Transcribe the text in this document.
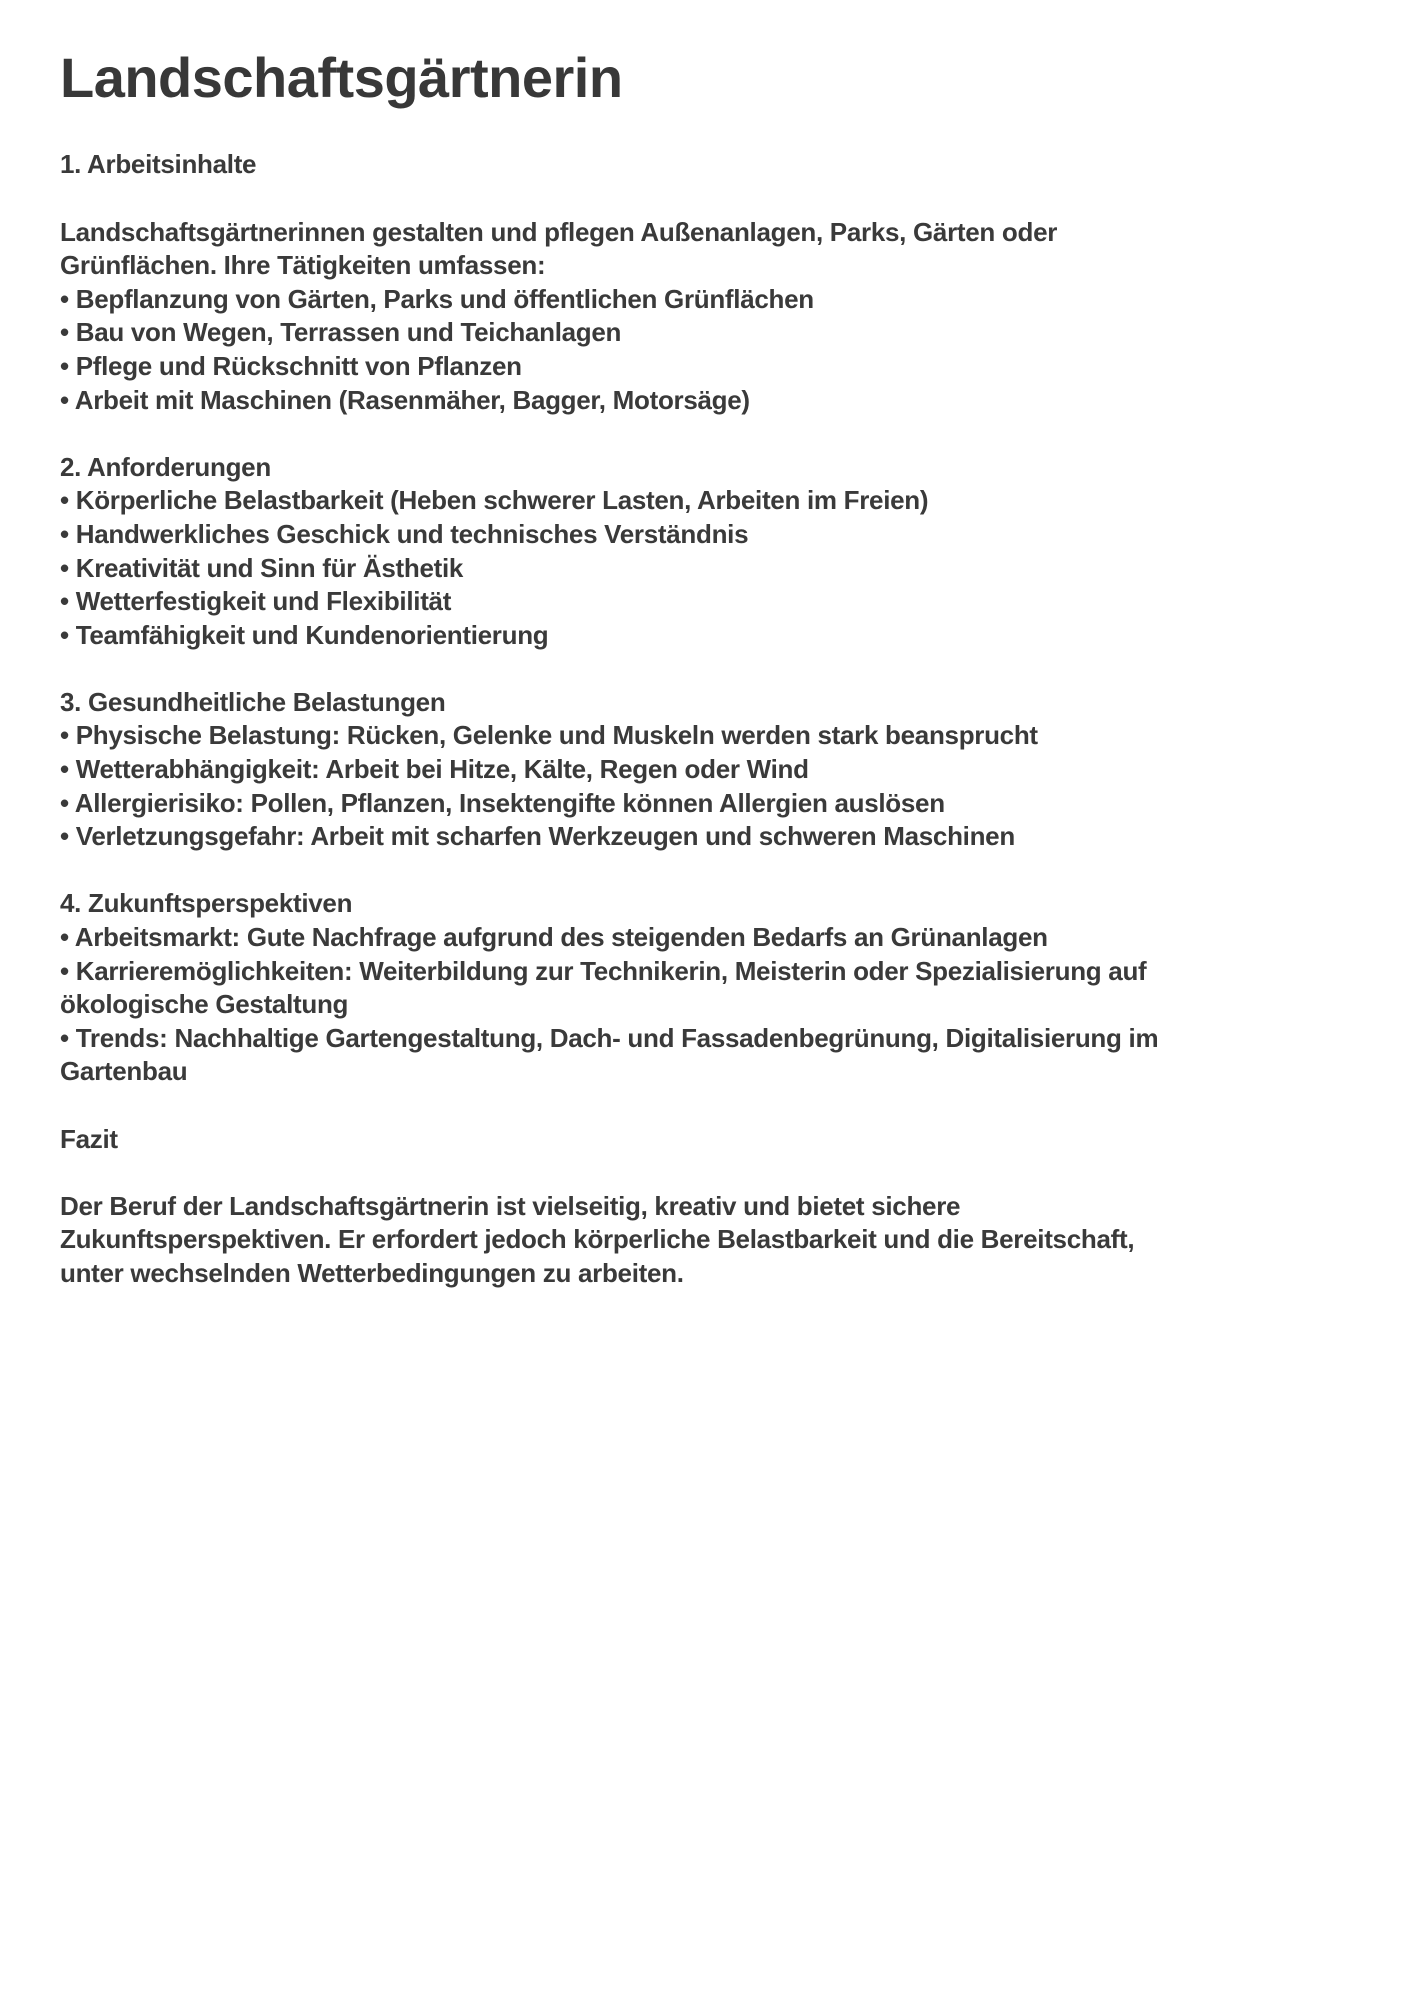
Landschaftsgärtnerin
1. Arbeitsinhalte
Landschaftsgärtnerinnen gestalten und pflegen Außenanlagen, Parks, Gärten oder
Grünflächen. Ihre Tätigkeiten umfassen:
• Bepflanzung von Gärten, Parks und öffentlichen Grünflächen
• Bau von Wegen, Terrassen und Teichanlagen
• Pflege und Rückschnitt von Pflanzen
• Arbeit mit Maschinen (Rasenmäher, Bagger, Motorsäge)
2. Anforderungen
• Körperliche Belastbarkeit (Heben schwerer Lasten, Arbeiten im Freien)
• Handwerkliches Geschick und technisches Verständnis
• Kreativität und Sinn für Ästhetik
• Wetterfestigkeit und Flexibilität
• Teamfähigkeit und Kundenorientierung
3. Gesundheitliche Belastungen
• Physische Belastung: Rücken, Gelenke und Muskeln werden stark beansprucht
• Wetterabhängigkeit: Arbeit bei Hitze, Kälte, Regen oder Wind
• Allergierisiko: Pollen, Pflanzen, Insektengifte können Allergien auslösen
• Verletzungsgefahr: Arbeit mit scharfen Werkzeugen und schweren Maschinen
4. Zukunftsperspektiven
• Arbeitsmarkt: Gute Nachfrage aufgrund des steigenden Bedarfs an Grünanlagen
• Karrieremöglichkeiten: Weiterbildung zur Technikerin, Meisterin oder Spezialisierung auf
ökologische Gestaltung
• Trends: Nachhaltige Gartengestaltung, Dach- und Fassadenbegrünung, Digitalisierung im
Gartenbau
Fazit
Der Beruf der Landschaftsgärtnerin ist vielseitig, kreativ und bietet sichere
Zukunftsperspektiven. Er erfordert jedoch körperliche Belastbarkeit und die Bereitschaft,
unter wechselnden Wetterbedingungen zu arbeiten.
